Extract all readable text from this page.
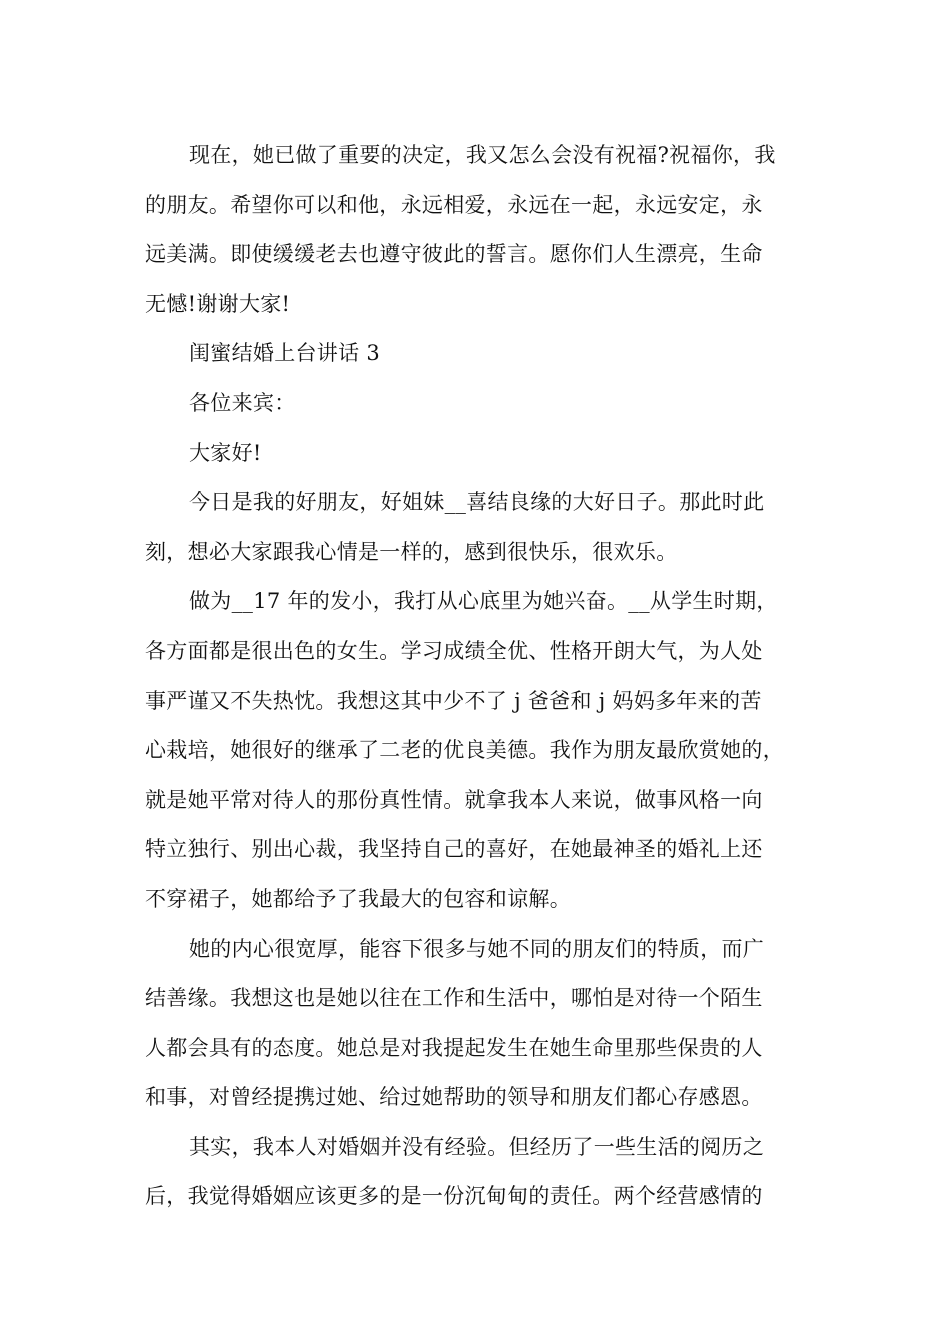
现在，她已做了重要的决定，我又怎么会没有祝福?祝福你，我
的朋友。希望你可以和他，永远相爱，永远在一起，永远安定，永
远美满。即使缓缓老去也遵守彼此的誓言。愿你们人生漂亮，生命
无憾!谢谢大家!
闺蜜结婚上台讲话 3
各位来宾：
大家好!
今日是我的好朋友，好姐妹__喜结良缘的大好日子。那此时此
刻，想必大家跟我心情是一样的，感到很快乐，很欢乐。
做为__17 年的发小，我打从心底里为她兴奋。__从学生时期，
各方面都是很出色的女生。学习成绩全优、性格开朗大气，为人处
事严谨又不失热忱。我想这其中少不了 j 爸爸和 j 妈妈多年来的苦
心栽培，她很好的继承了二老的优良美德。我作为朋友最欣赏她的，
就是她平常对待人的那份真性情。就拿我本人来说，做事风格一向
特立独行、别出心裁，我坚持自己的喜好，在她最神圣的婚礼上还
不穿裙子，她都给予了我最大的包容和谅解。
她的内心很宽厚，能容下很多与她不同的朋友们的特质，而广
结善缘。我想这也是她以往在工作和生活中，哪怕是对待一个陌生
人都会具有的态度。她总是对我提起发生在她生命里那些保贵的人
和事，对曾经提携过她、给过她帮助的领导和朋友们都心存感恩。
其实，我本人对婚姻并没有经验。但经历了一些生活的阅历之
后，我觉得婚姻应该更多的是一份沉甸甸的责任。两个经营感情的
